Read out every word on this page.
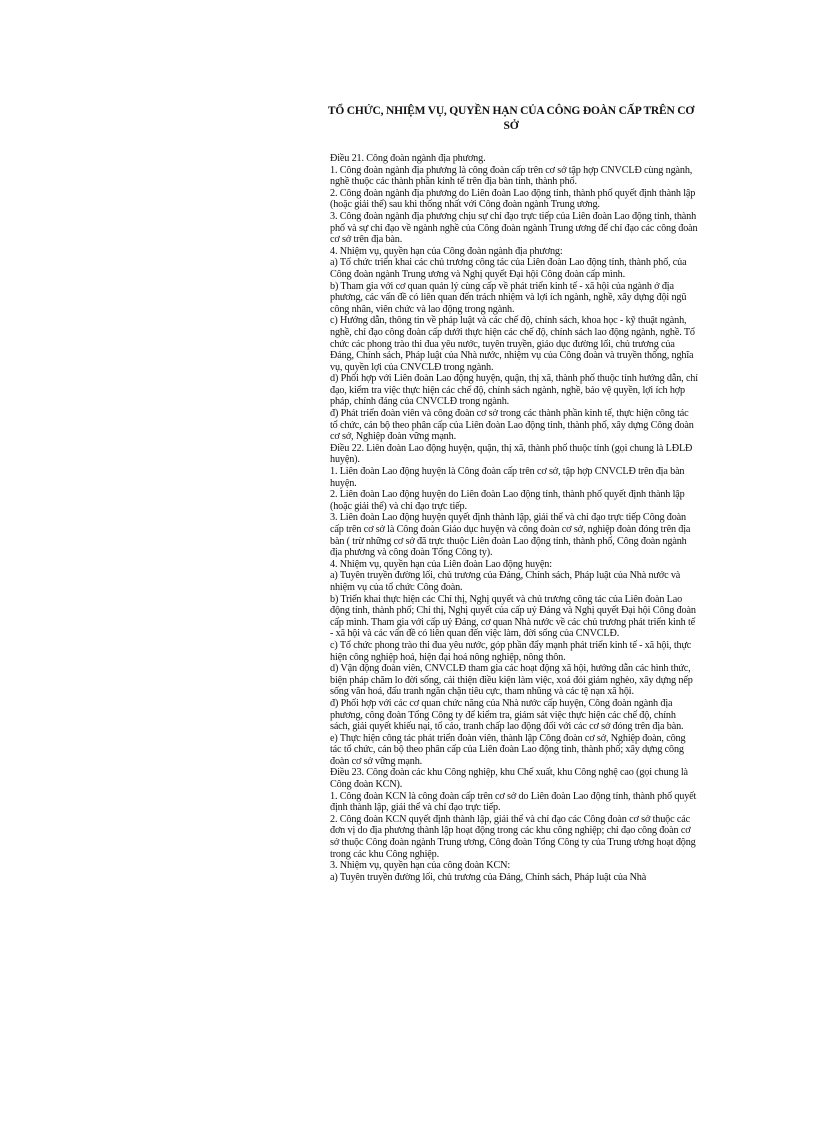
TỔ CHỨC, NHIỆM VỤ, QUYỀN HẠN CỦA CÔNG ĐOÀN CẤP TRÊN CƠ SỞ

Điều 21. Công đoàn ngành địa phương.

1. Công đoàn ngành địa phương là công đoàn cấp trên cơ sở tập hợp CNVCLĐ cùng ngành, nghề thuộc các thành phần kinh tế trên địa bàn tỉnh, thành phố.

2. Công đoàn ngành địa phương do Liên đoàn Lao động tỉnh, thành phố quyết định thành lập (hoặc giải thể) sau khi thống nhất với Công đoàn ngành Trung ương.

3. Công đoàn ngành địa phương chịu sự chỉ đạo trực tiếp của Liên đoàn Lao động tỉnh, thành phố và sự chỉ đạo về ngành nghề của Công đoàn ngành Trung ương để chỉ đạo các công đoàn cơ sở trên địa bàn.

4. Nhiệm vụ, quyền hạn của Công đoàn ngành địa phương:

a) Tổ chức triển khai các chủ trương công tác của Liên đoàn Lao động tỉnh, thành phố, của Công đoàn ngành Trung ương và Nghị quyết Đại hội Công đoàn cấp mình.

b) Tham gia với cơ quan quản lý cùng cấp về phát triển kinh tế - xã hội của ngành ở địa phương, các vấn đề có liên quan đến trách nhiệm và lợi ích ngành, nghề, xây dựng đội ngũ công nhân, viên chức và lao động trong ngành.

c) Hướng dẫn, thông tin về pháp luật và các chế độ, chính sách, khoa học - kỹ thuật ngành, nghề, chỉ đạo công đoàn cấp dưới thực hiện các chế độ, chính sách lao động ngành, nghề. Tổ chức các phong trào thi đua yêu nước, tuyên truyền, giáo dục đường lối, chủ trương của Đảng, Chính sách, Pháp luật của Nhà nước, nhiệm vụ của Công đoàn và truyền thống, nghĩa vụ, quyền lợi của CNVCLĐ trong ngành.

d) Phối hợp với Liên đoàn Lao động huyện, quận, thị xã, thành phố thuộc tỉnh hướng dẫn, chỉ đạo, kiểm tra việc thực hiện các chế độ, chính sách ngành, nghề, bảo vệ quyền, lợi ích hợp pháp, chính đáng của CNVCLĐ trong ngành.

đ) Phát triển đoàn viên và công đoàn cơ sở trong các thành phần kinh tế, thực hiện công tác tổ chức, cán bộ theo phân cấp của Liên đoàn Lao động tỉnh, thành phố, xây dựng Công đoàn cơ sở, Nghiệp đoàn vững mạnh.

Điều 22. Liên đoàn Lao động huyện, quận, thị xã, thành phố thuộc tỉnh (gọi chung là LĐLĐ huyện).

1. Liên đoàn Lao động huyện là Công đoàn cấp trên cơ sở, tập hợp CNVCLĐ trên địa bàn huyện.

2. Liên đoàn Lao động huyện do Liên đoàn Lao động tỉnh, thành phố quyết định thành lập (hoặc giải thể) và chỉ đạo trực tiếp.

3. Liên đoàn Lao động huyện quyết định thành lập, giải thể và chỉ đạo trực tiếp Công đoàn cấp trên cơ sở là Công đoàn Giáo dục huyện và công đoàn cơ sở, nghiệp đoàn đóng trên địa bàn ( trừ những cơ sở đã trực thuộc Liên đoàn Lao động tỉnh, thành phố, Công đoàn ngành địa phương và công đoàn Tổng Công ty).

4. Nhiệm vụ, quyền hạn của Liên đoàn Lao động huyện:

a) Tuyên truyền đường lối, chủ trương của Đảng, Chính sách, Pháp luật của Nhà nước và nhiệm vụ của tổ chức Công đoàn.

b) Triển khai thực hiện các Chỉ thị, Nghị quyết và chủ trương công tác của Liên đoàn Lao động tỉnh, thành phố; Chỉ thị, Nghị quyết của cấp uỷ Đảng và Nghị quyết Đại hội Công đoàn cấp mình. Tham gia với cấp uỷ Đảng, cơ quan Nhà nước về các chủ trương phát triển kinh tế - xã hội và các vấn đề có liên quan đến việc làm, đời sống của CNVCLĐ.

c) Tổ chức phong trào thi đua yêu nước, góp phần đẩy mạnh phát triển kinh tế - xã hội, thực hiện công nghiệp hoá, hiện đại hoá nông nghiệp, nông thôn.

d) Vận động đoàn viên, CNVCLĐ tham gia các hoạt động xã hội, hướng dẫn các hình thức, biện pháp chăm lo đời sống, cải thiện điều kiện làm việc, xoá đói giảm nghèo, xây dựng nếp sống văn hoá, đấu tranh ngăn chặn tiêu cực, tham nhũng và các tệ nạn xã hội.

đ) Phối hợp với các cơ quan chức năng của Nhà nước cấp huyện, Công đoàn ngành địa phương, công đoàn Tổng Công ty để kiểm tra, giám sát việc thực hiện các chế độ, chính sách, giải quyết khiếu nại, tố cáo, tranh chấp lao động đối với các cơ sở đóng trên địa bàn.

e) Thực hiện công tác phát triển đoàn viên, thành lập Công đoàn cơ sở, Nghiệp đoàn, công tác tổ chức, cán bộ theo phân cấp của Liên đoàn Lao động tỉnh, thành phố; xây dựng công đoàn cơ sở vững mạnh.

Điều 23. Công đoàn các khu Công nghiệp, khu Chế xuất, khu Công nghệ cao (gọi chung là Công đoàn KCN).

1. Công đoàn KCN là công đoàn cấp trên cơ sở do Liên đoàn Lao động tỉnh, thành phố quyết định thành lập, giải thể và chỉ đạo trực tiếp.

2. Công đoàn KCN quyết định thành lập, giải thể và chỉ đạo các Công đoàn cơ sở thuộc các đơn vị do địa phương thành lập hoạt động trong các khu công nghiệp; chỉ đạo công đoàn cơ sở thuộc Công đoàn ngành Trung ương, Công đoàn Tổng Công ty của Trung ương hoạt động trong các khu Công nghiệp.

3. Nhiệm vụ, quyền hạn của công đoàn KCN:

a) Tuyên truyền đường lối, chủ trương của Đảng, Chính sách, Pháp luật của Nhà
